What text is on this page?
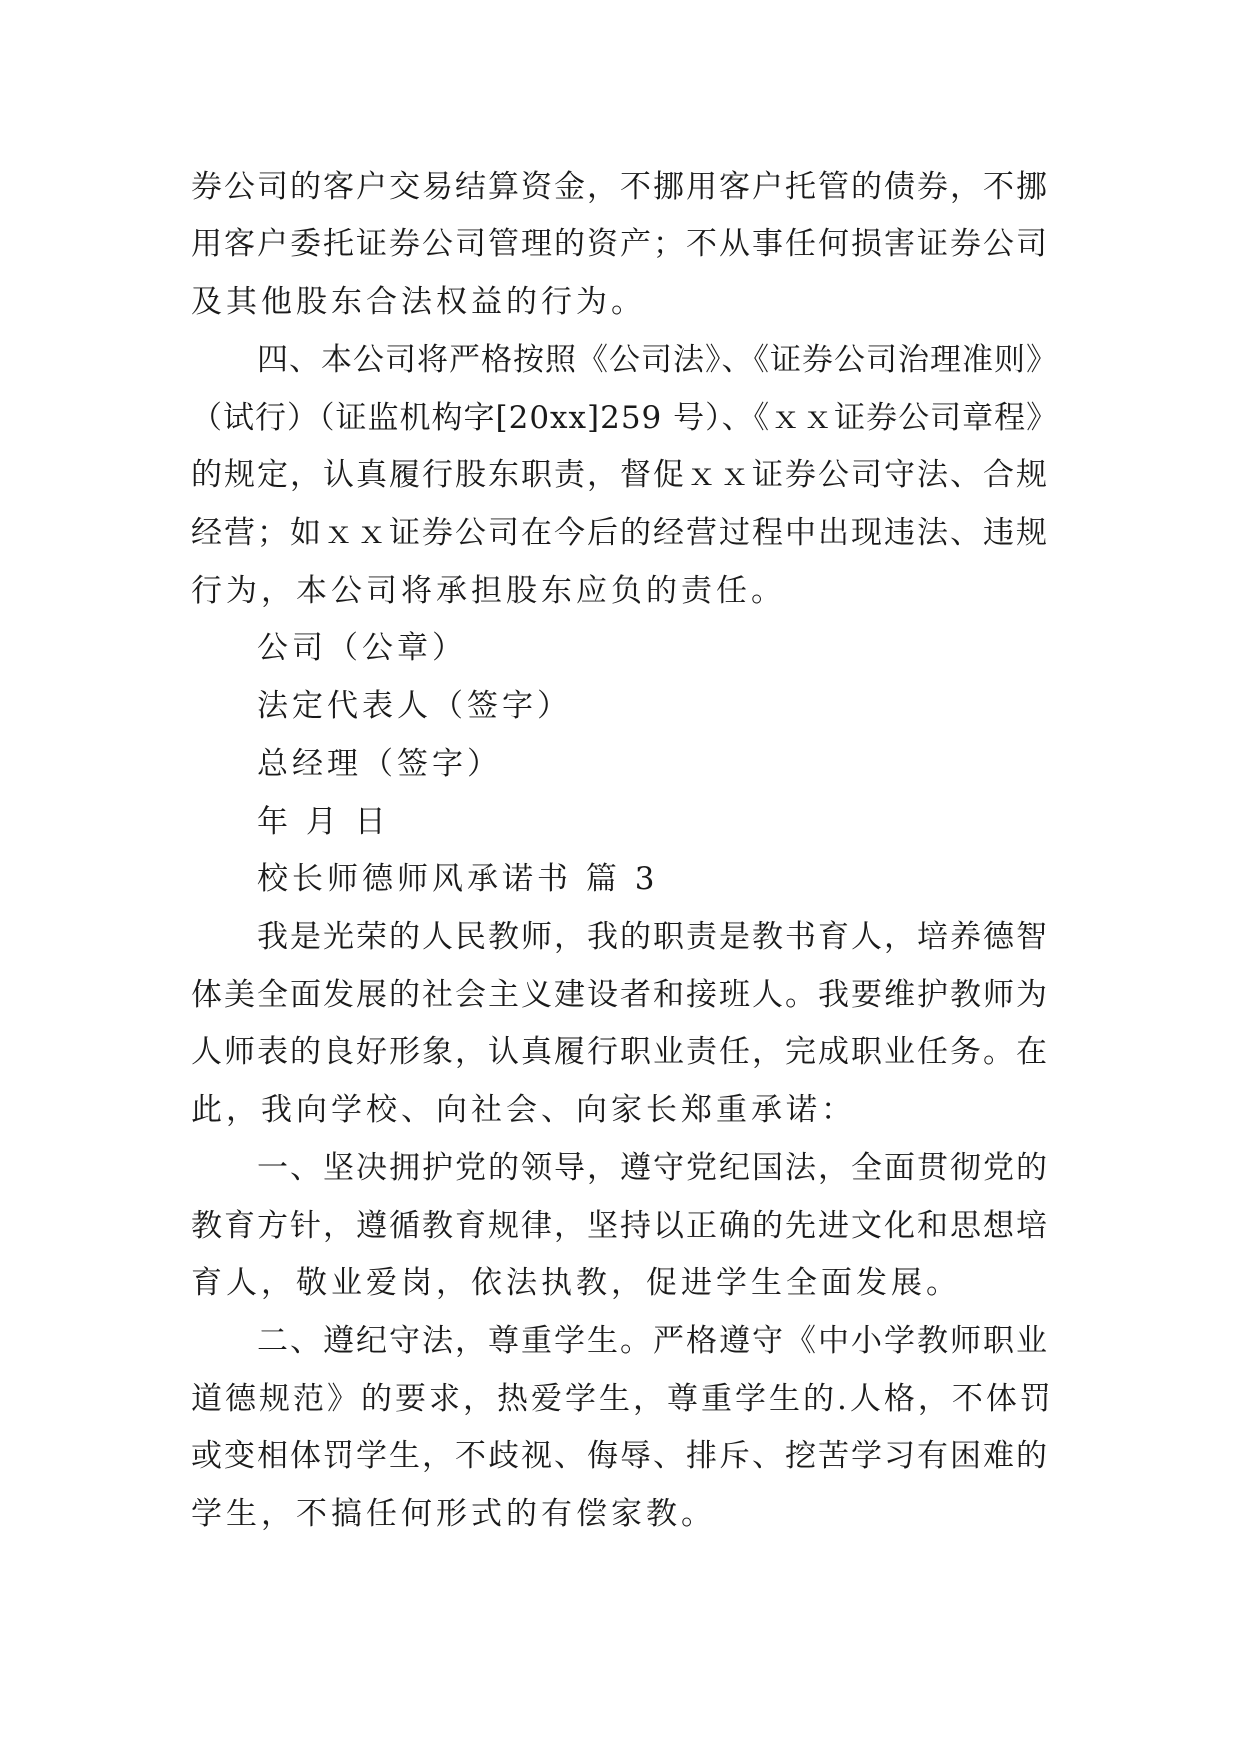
券公司的客户交易结算资金，不挪用客户托管的债券，不挪

用客户委托证券公司管理的资产；不从事任何损害证券公司

及其他股东合法权益的行为。

四、本公司将严格按照《公司法》、《证券公司治理准则》

（试行）（证监机构字[20xx]259 号）、《ｘｘ证券公司章程》

的规定，认真履行股东职责，督促ｘｘ证券公司守法、合规

经营；如ｘｘ证券公司在今后的经营过程中出现违法、违规

行为，本公司将承担股东应负的责任。

公司（公章）

法定代表人（签字）

总经理（签字）

年 月 日

校长师德师风承诺书 篇 3

我是光荣的人民教师，我的职责是教书育人，培养德智

体美全面发展的社会主义建设者和接班人。我要维护教师为

人师表的良好形象，认真履行职业责任，完成职业任务。在

此，我向学校、向社会、向家长郑重承诺：

一、坚决拥护党的领导，遵守党纪国法，全面贯彻党的

教育方针，遵循教育规律，坚持以正确的先进文化和思想培

育人，敬业爱岗，依法执教，促进学生全面发展。

二、遵纪守法，尊重学生。严格遵守《中小学教师职业

道德规范》的要求，热爱学生，尊重学生的.人格，不体罚

或变相体罚学生，不歧视、侮辱、排斥、挖苦学习有困难的

学生，不搞任何形式的有偿家教。
